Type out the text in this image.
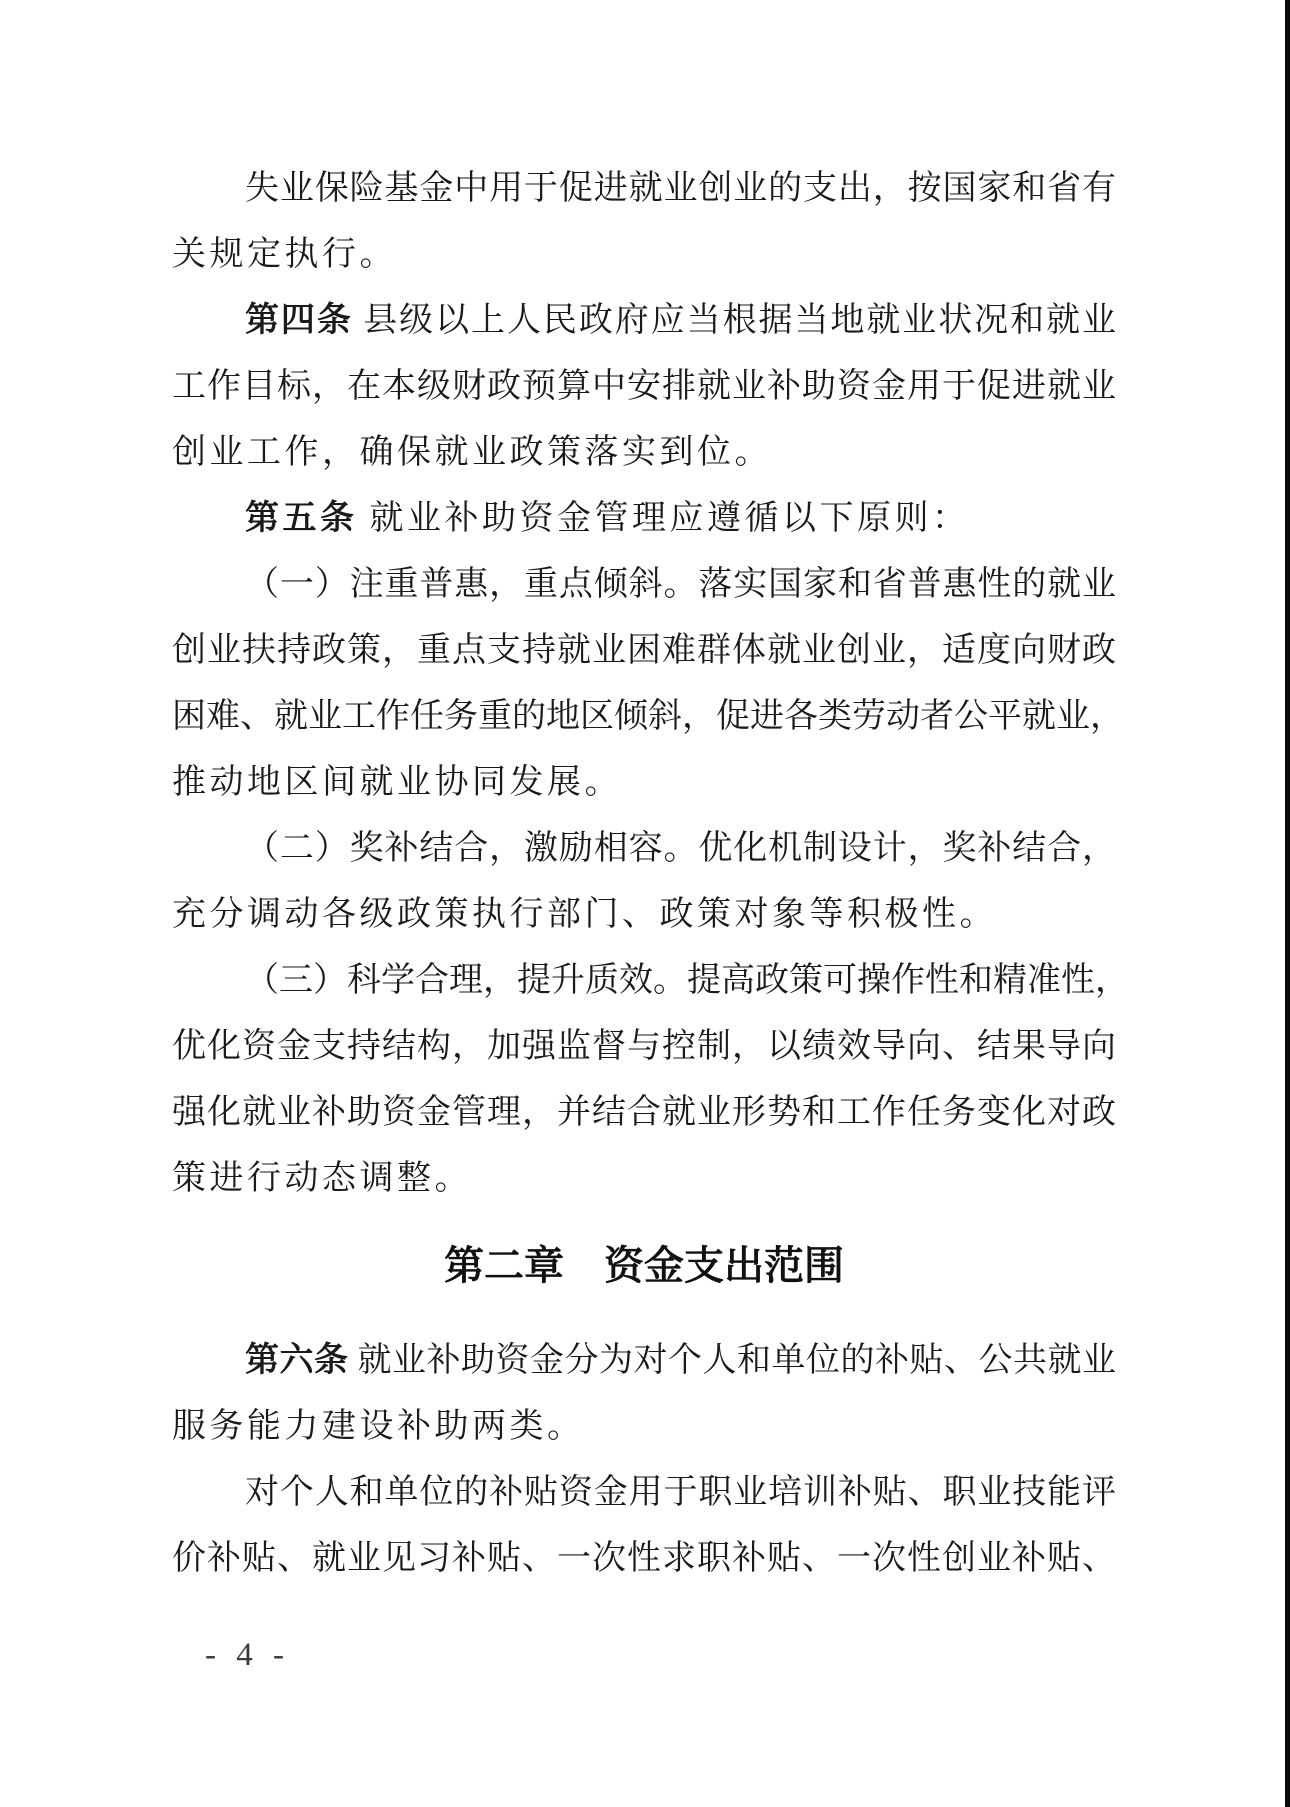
失业保险基金中用于促进就业创业的支出，按国家和省有
关规定执行。
第四条 县级以上人民政府应当根据当地就业状况和就业
工作目标，在本级财政预算中安排就业补助资金用于促进就业
创业工作，确保就业政策落实到位。
第五条 就业补助资金管理应遵循以下原则：
（一）注重普惠，重点倾斜。落实国家和省普惠性的就业
创业扶持政策，重点支持就业困难群体就业创业，适度向财政
困难、就业工作任务重的地区倾斜，促进各类劳动者公平就业，
推动地区间就业协同发展。
（二）奖补结合，激励相容。优化机制设计，奖补结合，
充分调动各级政策执行部门、政策对象等积极性。
（三）科学合理，提升质效。提高政策可操作性和精准性，
优化资金支持结构，加强监督与控制，以绩效导向、结果导向
强化就业补助资金管理，并结合就业形势和工作任务变化对政
策进行动态调整。
第二章　资金支出范围
第六条 就业补助资金分为对个人和单位的补贴、公共就业
服务能力建设补助两类。
对个人和单位的补贴资金用于职业培训补贴、职业技能评
价补贴、就业见习补贴、一次性求职补贴、一次性创业补贴、
- 4 -
